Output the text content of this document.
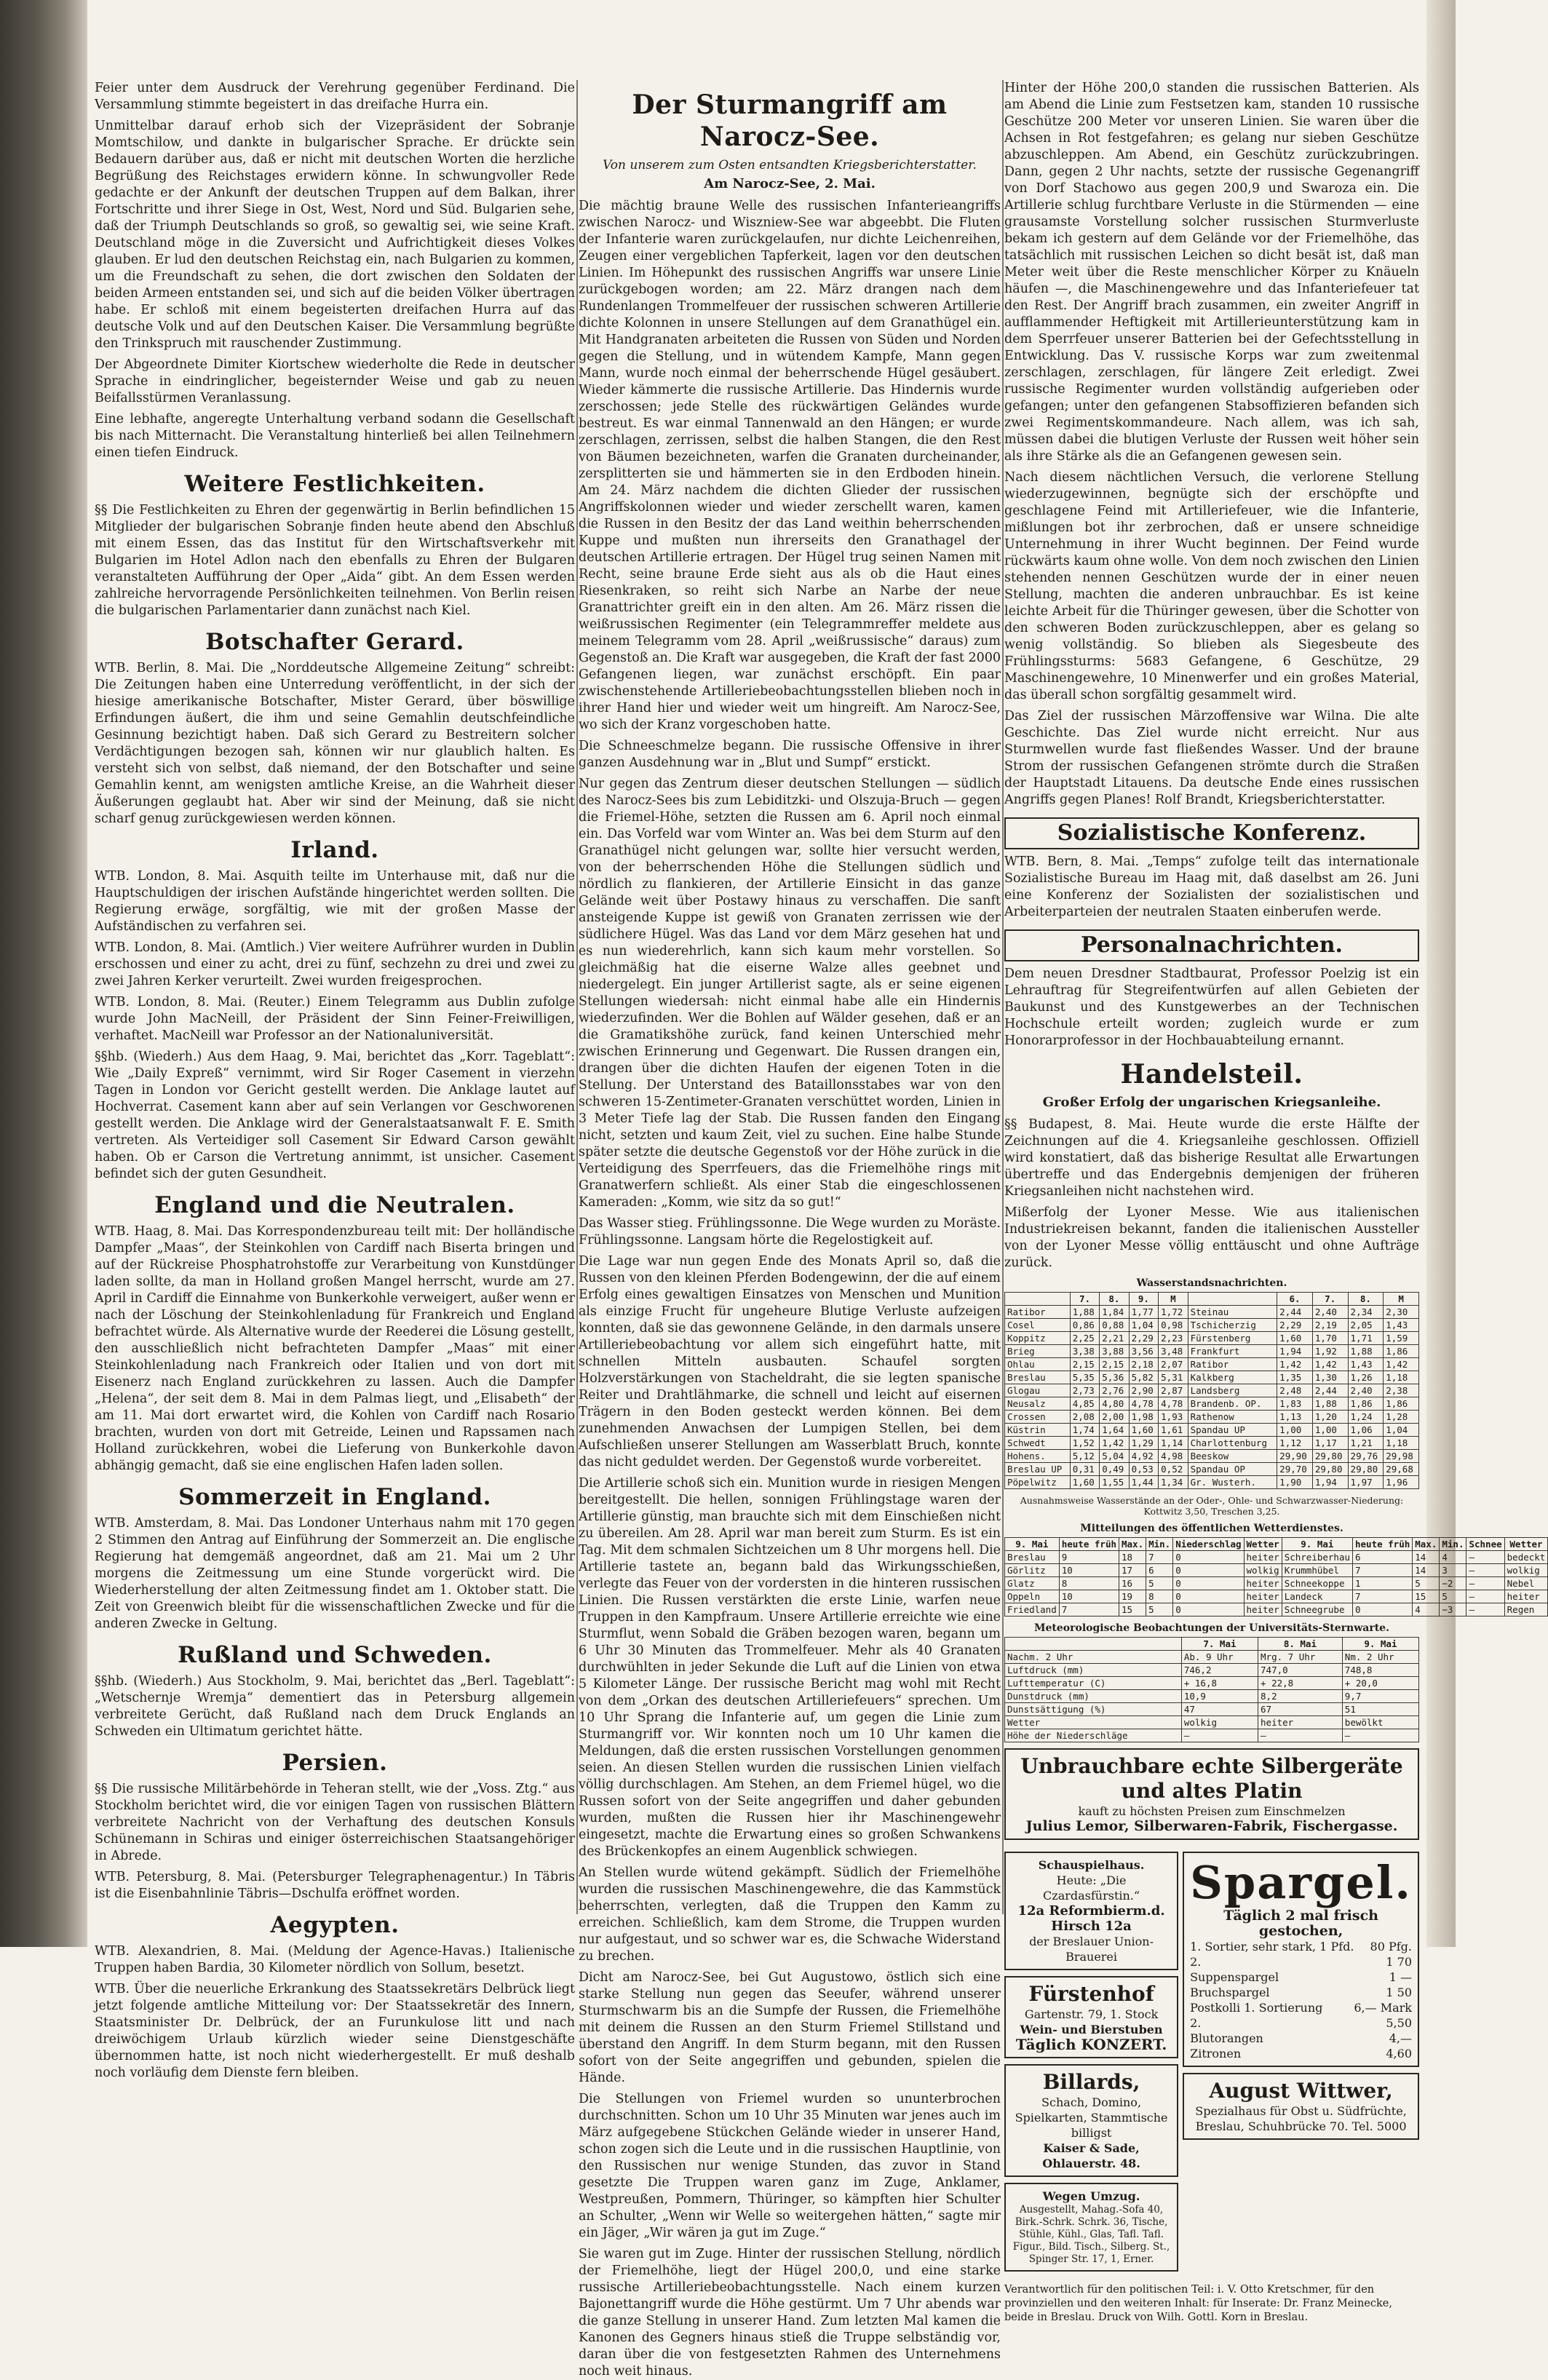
Feier unter dem Ausdruck der Verehrung gegenüber Ferdinand. Die Versammlung stimmte begeistert in das dreifache Hurra ein.

Unmittelbar darauf erhob sich der Vizepräsident der Sobranje Momtschilow, und dankte in bulgarischer Sprache. Er drückte sein Bedauern darüber aus, daß er nicht mit deutschen Worten die herzliche Begrüßung des Reichstages erwidern könne. In schwungvoller Rede gedachte er der Ankunft der deutschen Truppen auf dem Balkan, ihrer Fortschritte und ihrer Siege in Ost, West, Nord und Süd. Bulgarien sehe, daß der Triumph Deutschlands so groß, so gewaltig sei, wie seine Kraft. Deutschland möge in die Zuversicht und Aufrichtigkeit dieses Volkes glauben. Er lud den deutschen Reichstag ein, nach Bulgarien zu kommen, um die Freundschaft zu sehen, die dort zwischen den Soldaten der beiden Armeen entstanden sei, und sich auf die beiden Völker übertragen habe. Er schloß mit einem begeisterten dreifachen Hurra auf das deutsche Volk und auf den Deutschen Kaiser. Die Versammlung begrüßte den Trinkspruch mit rauschender Zustimmung.

Der Abgeordnete Dimiter Kiortschew wiederholte die Rede in deutscher Sprache in eindringlicher, begeisternder Weise und gab zu neuen Beifallsstürmen Veranlassung.

Eine lebhafte, angeregte Unterhaltung verband sodann die Gesellschaft bis nach Mitternacht. Die Veranstaltung hinterließ bei allen Teilnehmern einen tiefen Eindruck.

Weitere Festlichkeiten.

§§ Die Festlichkeiten zu Ehren der gegenwärtig in Berlin befindlichen 15 Mitglieder der bulgarischen Sobranje finden heute abend den Abschluß mit einem Essen, das das Institut für den Wirtschaftsverkehr mit Bulgarien im Hotel Adlon nach den ebenfalls zu Ehren der Bulgaren veranstalteten Aufführung der Oper „Aida“ gibt. An dem Essen werden zahlreiche hervorragende Persönlichkeiten teilnehmen. Von Berlin reisen die bulgarischen Parlamentarier dann zunächst nach Kiel.

Botschafter Gerard.

WTB. Berlin, 8. Mai. Die „Norddeutsche Allgemeine Zeitung“ schreibt: Die Zeitungen haben eine Unterredung veröffentlicht, in der sich der hiesige amerikanische Botschafter, Mister Gerard, über böswillige Erfindungen äußert, die ihm und seine Gemahlin deutschfeindliche Gesinnung bezichtigt haben. Daß sich Gerard zu Bestreitern solcher Verdächtigungen bezogen sah, können wir nur glaublich halten. Es versteht sich von selbst, daß niemand, der den Botschafter und seine Gemahlin kennt, am wenigsten amtliche Kreise, an die Wahrheit dieser Äußerungen geglaubt hat. Aber wir sind der Meinung, daß sie nicht scharf genug zurückgewiesen werden können.

Irland.

WTB. London, 8. Mai. Asquith teilte im Unterhause mit, daß nur die Hauptschuldigen der irischen Aufstände hingerichtet werden sollten. Die Regierung erwäge, sorgfältig, wie mit der großen Masse der Aufständischen zu verfahren sei.

WTB. London, 8. Mai. (Amtlich.) Vier weitere Aufrührer wurden in Dublin erschossen und einer zu acht, drei zu fünf, sechzehn zu drei und zwei zu zwei Jahren Kerker verurteilt. Zwei wurden freigesprochen.

WTB. London, 8. Mai. (Reuter.) Einem Telegramm aus Dublin zufolge wurde John MacNeill, der Präsident der Sinn Feiner-Freiwilligen, verhaftet. MacNeill war Professor an der Nationaluniversität.

§§hb. (Wiederh.) Aus dem Haag, 9. Mai, berichtet das „Korr. Tageblatt“: Wie „Daily Expreß“ vernimmt, wird Sir Roger Casement in vierzehn Tagen in London vor Gericht gestellt werden. Die Anklage lautet auf Hochverrat. Casement kann aber auf sein Verlangen vor Geschworenen gestellt werden. Die Anklage wird der Generalstaatsanwalt F. E. Smith vertreten. Als Verteidiger soll Casement Sir Edward Carson gewählt haben. Ob er Carson die Vertretung annimmt, ist unsicher. Casement befindet sich der guten Gesundheit.

England und die Neutralen.

WTB. Haag, 8. Mai. Das Korrespondenzbureau teilt mit: Der holländische Dampfer „Maas“, der Steinkohlen von Cardiff nach Biserta bringen und auf der Rückreise Phosphatrohstoffe zur Verarbeitung von Kunstdünger laden sollte, da man in Holland großen Mangel herrscht, wurde am 27. April in Cardiff die Einnahme von Bunkerkohle verweigert, außer wenn er nach der Löschung der Steinkohlenladung für Frankreich und England befrachtet würde. Als Alternative wurde der Reederei die Lösung gestellt, den ausschließlich nicht befrachteten Dampfer „Maas“ mit einer Steinkohlenladung nach Frankreich oder Italien und von dort mit Eisenerz nach England zurückkehren zu lassen. Auch die Dampfer „Helena“, der seit dem 8. Mai in dem Palmas liegt, und „Elisabeth“ der am 11. Mai dort erwartet wird, die Kohlen von Cardiff nach Rosario brachten, wurden von dort mit Getreide, Leinen und Rapssamen nach Holland zurückkehren, wobei die Lieferung von Bunkerkohle davon abhängig gemacht, daß sie eine englischen Hafen laden sollen.

Sommerzeit in England.

WTB. Amsterdam, 8. Mai. Das Londoner Unterhaus nahm mit 170 gegen 2 Stimmen den Antrag auf Einführung der Sommerzeit an. Die englische Regierung hat demgemäß angeordnet, daß am 21. Mai um 2 Uhr morgens die Zeitmessung um eine Stunde vorgerückt wird. Die Wiederherstellung der alten Zeitmessung findet am 1. Oktober statt. Die Zeit von Greenwich bleibt für die wissenschaftlichen Zwecke und für die anderen Zwecke in Geltung.

Rußland und Schweden.

§§hb. (Wiederh.) Aus Stockholm, 9. Mai, berichtet das „Berl. Tageblatt“: „Wetschernje Wremja“ dementiert das in Petersburg allgemein verbreitete Gerücht, daß Rußland nach dem Druck Englands an Schweden ein Ultimatum gerichtet hätte.

Persien.

§§ Die russische Militärbehörde in Teheran stellt, wie der „Voss. Ztg.“ aus Stockholm berichtet wird, die vor einigen Tagen von russischen Blättern verbreitete Nachricht von der Verhaftung des deutschen Konsuls Schünemann in Schiras und einiger österreichischen Staatsangehöriger in Abrede.

WTB. Petersburg, 8. Mai. (Petersburger Telegraphenagentur.) In Täbris ist die Eisenbahnlinie Täbris—Dschulfa eröffnet worden.

Aegypten.

WTB. Alexandrien, 8. Mai. (Meldung der Agence-Havas.) Italienische Truppen haben Bardia, 30 Kilometer nördlich von Sollum, besetzt.

WTB. Über die neuerliche Erkrankung des Staatssekretärs Delbrück liegt jetzt folgende amtliche Mitteilung vor: Der Staatssekretär des Innern, Staatsminister Dr. Delbrück, der an Furunkulose litt und nach dreiwöchigem Urlaub kürzlich wieder seine Dienstgeschäfte übernommen hatte, ist noch nicht wiederhergestellt. Er muß deshalb noch vorläufig dem Dienste fern bleiben.

Der Sturmangriff am Narocz-See.
Von unserem zum Osten entsandten Kriegsberichterstatter.
Am Narocz-See, 2. Mai.

Die mächtig braune Welle des russischen Infanterieangriffs zwischen Narocz- und Wiszniew-See war abgeebbt. Die Fluten der Infanterie waren zurückgelaufen, nur dichte Leichenreihen, Zeugen einer vergeblichen Tapferkeit, lagen vor den deutschen Linien. Im Höhepunkt des russischen Angriffs war unsere Linie zurückgebogen worden; am 22. März drangen nach dem Rundenlangen Trommelfeuer der russischen schweren Artillerie dichte Kolonnen in unsere Stellungen auf dem Granathügel ein. Mit Handgranaten arbeiteten die Russen von Süden und Norden gegen die Stellung, und in wütendem Kampfe, Mann gegen Mann, wurde noch einmal der beherrschende Hügel gesäubert. Wieder kämmerte die russische Artillerie. Das Hindernis wurde zerschossen; jede Stelle des rückwärtigen Geländes wurde bestreut. Es war einmal Tannenwald an den Hängen; er wurde zerschlagen, zerrissen, selbst die halben Stangen, die den Rest von Bäumen bezeichneten, warfen die Granaten durcheinander, zersplitterten sie und hämmerten sie in den Erdboden hinein. Am 24. März nachdem die dichten Glieder der russischen Angriffskolonnen wieder und wieder zerschellt waren, kamen die Russen in den Besitz der das Land weithin beherrschenden Kuppe und mußten nun ihrerseits den Granathagel der deutschen Artillerie ertragen. Der Hügel trug seinen Namen mit Recht, seine braune Erde sieht aus als ob die Haut eines Riesenkraken, so reiht sich Narbe an Narbe der neue Granattrichter greift ein in den alten. Am 26. März rissen die weißrussischen Regimenter (ein Telegrammreffer meldete aus meinem Telegramm vom 28. April „weißrussische“ daraus) zum Gegenstoß an. Die Kraft war ausgegeben, die Kraft der fast 2000 Gefangenen liegen, war zunächst erschöpft. Ein paar zwischenstehende Artilleriebeobachtungsstellen blieben noch in ihrer Hand hier und wieder weit um hingreift. Am Narocz-See, wo sich der Kranz vorgeschoben hatte.

Die Schneeschmelze begann. Die russische Offensive in ihrer ganzen Ausdehnung war in „Blut und Sumpf“ erstickt.

Nur gegen das Zentrum dieser deutschen Stellungen — südlich des Narocz-Sees bis zum Lebiditzki- und Olszuja-Bruch — gegen die Friemel-Höhe, setzten die Russen am 6. April noch einmal ein. Das Vorfeld war vom Winter an. Was bei dem Sturm auf den Granathügel nicht gelungen war, sollte hier versucht werden, von der beherrschenden Höhe die Stellungen südlich und nördlich zu flankieren, der Artillerie Einsicht in das ganze Gelände weit über Postawy hinaus zu verschaffen. Die sanft ansteigende Kuppe ist gewiß von Granaten zerrissen wie der südlichere Hügel. Was das Land vor dem März gesehen hat und es nun wiederehrlich, kann sich kaum mehr vorstellen. So gleichmäßig hat die eiserne Walze alles geebnet und niedergelegt. Ein junger Artillerist sagte, als er seine eigenen Stellungen wiedersah: nicht einmal habe alle ein Hindernis wiederzufinden. Wer die Bohlen auf Wälder gesehen, daß er an die Gramatikshöhe zurück, fand keinen Unterschied mehr zwischen Erinnerung und Gegenwart. Die Russen drangen ein, drangen über die dichten Haufen der eigenen Toten in die Stellung. Der Unterstand des Bataillonsstabes war von den schweren 15-Zentimeter-Granaten verschüttet worden, Linien in 3 Meter Tiefe lag der Stab. Die Russen fanden den Eingang nicht, setzten und kaum Zeit, viel zu suchen. Eine halbe Stunde später setzte die deutsche Gegenstoß vor der Höhe zurück in die Verteidigung des Sperrfeuers, das die Friemelhöhe rings mit Granatwerfern schließt. Als einer Stab die eingeschlossenen Kameraden: „Komm, wie sitz da so gut!“

Das Wasser stieg. Frühlingssonne. Die Wege wurden zu Moräste. Frühlingssonne. Langsam hörte die Regelostigkeit auf.

Die Lage war nun gegen Ende des Monats April so, daß die Russen von den kleinen Pferden Bodengewinn, der die auf einem Erfolg eines gewaltigen Einsatzes von Menschen und Munition als einzige Frucht für ungeheure Blutige Verluste aufzeigen konnten, daß sie das gewonnene Gelände, in den darmals unsere Artilleriebeobachtung vor allem sich eingeführt hatte, mit schnellen Mitteln ausbauten. Schaufel sorgten Holzverstärkungen von Stacheldraht, die sie legten spanische Reiter und Drahtlähmarke, die schnell und leicht auf eisernen Trägern in den Boden gesteckt werden können. Bei dem zunehmenden Anwachsen der Lumpigen Stellen, bei dem Aufschließen unserer Stellungen am Wasserblatt Bruch, konnte das nicht geduldet werden. Der Gegenstoß wurde vorbereitet.

Die Artillerie schoß sich ein. Munition wurde in riesigen Mengen bereitgestellt. Die hellen, sonnigen Frühlingstage waren der Artillerie günstig, man brauchte sich mit dem Einschießen nicht zu übereilen. Am 28. April war man bereit zum Sturm. Es ist ein Tag. Mit dem schmalen Sichtzeichen um 8 Uhr morgens hell. Die Artillerie tastete an, begann bald das Wirkungsschießen, verlegte das Feuer von der vordersten in die hinteren russischen Linien. Die Russen verstärkten die erste Linie, warfen neue Truppen in den Kampfraum. Unsere Artillerie erreichte wie eine Sturmflut, wenn Sobald die Gräben bezogen waren, begann um 6 Uhr 30 Minuten das Trommelfeuer. Mehr als 40 Granaten durchwühlten in jeder Sekunde die Luft auf die Linien von etwa 5 Kilometer Länge. Der russische Bericht mag wohl mit Recht von dem „Orkan des deutschen Artilleriefeuers“ sprechen. Um 10 Uhr Sprang die Infanterie auf, um gegen die Linie zum Sturmangriff vor. Wir konnten noch um 10 Uhr kamen die Meldungen, daß die ersten russischen Vorstellungen genommen seien. An diesen Stellen wurden die russischen Linien vielfach völlig durchschlagen. Am Stehen, an dem Friemel hügel, wo die Russen sofort von der Seite angegriffen und daher gebunden wurden, mußten die Russen hier ihr Maschinengewehr eingesetzt, machte die Erwartung eines so großen Schwankens des Brückenkopfes an einem Augenblick schwiegen.

An Stellen wurde wütend gekämpft. Südlich der Friemelhöhe wurden die russischen Maschinengewehre, die das Kammstück beherrschten, verlegten, daß die Truppen den Kamm zu erreichen. Schließlich, kam dem Strome, die Truppen wurden nur aufgestaut, und so schwer war es, die Schwache Widerstand zu brechen.

Dicht am Narocz-See, bei Gut Augustowo, östlich sich eine starke Stellung nun gegen das Seeufer, während unserer Sturmschwarm bis an die Sumpfe der Russen, die Friemelhöhe mit deinem die Russen an den Sturm Friemel Stillstand und überstand den Angriff. In dem Sturm begann, mit den Russen sofort von der Seite angegriffen und gebunden, spielen die Hände.

Die Stellungen von Friemel wurden so ununterbrochen durchschnitten. Schon um 10 Uhr 35 Minuten war jenes auch im März aufgegebene Stückchen Gelände wieder in unserer Hand, schon zogen sich die Leute und in die russischen Hauptlinie, von den Russischen nur wenige Stunden, das zuvor in Stand gesetzte Die Truppen waren ganz im Zuge, Anklamer, Westpreußen, Pommern, Thüringer, so kämpften hier Schulter an Schulter, „Wenn wir Welle so weitergehen hätten,“ sagte mir ein Jäger, „Wir wären ja gut im Zuge.“

Sie waren gut im Zuge. Hinter der russischen Stellung, nördlich der Friemelhöhe, liegt der Hügel 200,0, und eine starke russische Artilleriebeobachtungsstelle. Nach einem kurzen Bajonettangriff wurde die Höhe gestürmt. Um 7 Uhr abends war die ganze Stellung in unserer Hand. Zum letzten Mal kamen die Kanonen des Gegners hinaus stieß die Truppe selbständig vor, daran über die von festgesetzten Rahmen des Unternehmens noch weit hinaus.

Hinter der Höhe 200,0 standen die russischen Batterien. Als am Abend die Linie zum Festsetzen kam, standen 10 russische Geschütze 200 Meter vor unseren Linien. Sie waren über die Achsen in Rot festgefahren; es gelang nur sieben Geschütze abzuschleppen. Am Abend, ein Geschütz zurückzubringen. Dann, gegen 2 Uhr nachts, setzte der russische Gegenangriff von Dorf Stachowo aus gegen 200,9 und Swaroza ein. Die Artillerie schlug furchtbare Verluste in die Stürmenden — eine grausamste Vorstellung solcher russischen Sturmverluste bekam ich gestern auf dem Gelände vor der Friemelhöhe, das tatsächlich mit russischen Leichen so dicht besät ist, daß man Meter weit über die Reste menschlicher Körper zu Knäueln häufen —, die Maschinengewehre und das Infanteriefeuer tat den Rest. Der Angriff brach zusammen, ein zweiter Angriff in aufflammender Heftigkeit mit Artillerieunterstützung kam in dem Sperrfeuer unserer Batterien bei der Gefechtsstellung in Entwicklung. Das V. russische Korps war zum zweitenmal zerschlagen, zerschlagen, für längere Zeit erledigt. Zwei russische Regimenter wurden vollständig aufgerieben oder gefangen; unter den gefangenen Stabsoffizieren befanden sich zwei Regimentskommandeure. Nach allem, was ich sah, müssen dabei die blutigen Verluste der Russen weit höher sein als ihre Stärke als die an Gefangenen gewesen sein.

Nach diesem nächtlichen Versuch, die verlorene Stellung wiederzugewinnen, begnügte sich der erschöpfte und geschlagene Feind mit Artilleriefeuer, wie die Infanterie, mißlungen bot ihr zerbrochen, daß er unsere schneidige Unternehmung in ihrer Wucht beginnen. Der Feind wurde rückwärts kaum ohne wolle. Von dem noch zwischen den Linien stehenden nennen Geschützen wurde der in einer neuen Stellung, machten die anderen unbrauchbar. Es ist keine leichte Arbeit für die Thüringer gewesen, über die Schotter von den schweren Boden zurückzuschleppen, aber es gelang so wenig vollständig. So blieben als Siegesbeute des Frühlingssturms: 5683 Gefangene, 6 Geschütze, 29 Maschinengewehre, 10 Minenwerfer und ein großes Material, das überall schon sorgfältig gesammelt wird.

Das Ziel der russischen Märzoffensive war Wilna. Die alte Geschichte. Das Ziel wurde nicht erreicht. Nur aus Sturmwellen wurde fast fließendes Wasser. Und der braune Strom der russischen Gefangenen strömte durch die Straßen der Hauptstadt Litauens. Da deutsche Ende eines russischen Angriffs gegen Planes! Rolf Brandt, Kriegsberichterstatter.

Sozialistische Konferenz.

WTB. Bern, 8. Mai. „Temps“ zufolge teilt das internationale Sozialistische Bureau im Haag mit, daß daselbst am 26. Juni eine Konferenz der Sozialisten der sozialistischen und Arbeiterparteien der neutralen Staaten einberufen werde.

Personalnachrichten.

Dem neuen Dresdner Stadtbaurat, Professor Poelzig ist ein Lehrauftrag für Stegreifentwürfen auf allen Gebieten der Baukunst und des Kunstgewerbes an der Technischen Hochschule erteilt worden; zugleich wurde er zum Honorarprofessor in der Hochbauabteilung ernannt.

Handelsteil.
Großer Erfolg der ungarischen Kriegsanleihe.

§§ Budapest, 8. Mai. Heute wurde die erste Hälfte der Zeichnungen auf die 4. Kriegsanleihe geschlossen. Offiziell wird konstatiert, daß das bisherige Resultat alle Erwartungen übertreffe und das Endergebnis demjenigen der früheren Kriegsanleihen nicht nachstehen wird.

Mißerfolg der Lyoner Messe. Wie aus italienischen Industriekreisen bekannt, fanden die italienischen Aussteller von der Lyoner Messe völlig enttäuscht und ohne Aufträge zurück.

Wasserstandsnachrichten.
	7.	8.	9.	M		6.	7.	8.	M
Ratibor	1,88	1,84	1,77	1,72	Steinau	2,44	2,40	2,34	2,30
Cosel	0,86	0,88	1,04	0,98	Tschicherzig	2,29	2,19	2,05	1,43
Koppitz	2,25	2,21	2,29	2,23	Fürstenberg	1,60	1,70	1,71	1,59
Brieg	3,38	3,88	3,56	3,48	Frankfurt	1,94	1,92	1,88	1,86
Ohlau	2,15	2,15	2,18	2,07	Ratibor	1,42	1,42	1,43	1,42
Breslau	5,35	5,36	5,82	5,31	Kalkberg	1,35	1,30	1,26	1,18
Glogau	2,73	2,76	2,90	2,87	Landsberg	2,48	2,44	2,40	2,38
Neusalz	4,85	4,80	4,78	4,78	Brandenb. OP.	1,83	1,88	1,86	1,86
Crossen	2,08	2,00	1,98	1,93	Rathenow	1,13	1,20	1,24	1,28
Küstrin	1,74	1,64	1,60	1,61	Spandau UP	1,00	1,00	1,06	1,04
Schwedt	1,52	1,42	1,29	1,14	Charlottenburg	1,12	1,17	1,21	1,18
Hohens.	5,12	5,04	4,92	4,98	Beeskow	29,90	29,80	29,76	29,98
Breslau UP	0,31	0,49	0,53	0,52	Spandau OP	29,70	29,80	29,80	29,68
Pöpelwitz	1,60	1,55	1,44	1,34	Gr. Wusterh.	1,90	1,94	1,97	1,96
Ausnahmsweise Wasserstände an der Oder-, Ohle- und Schwarzwasser-Niederung: Kottwitz 3,50, Treschen 3,25.
Mitteilungen des öffentlichen Wetterdienstes.
9. Mai	heute früh	Max.	Min.	Niederschlag	Wetter	9. Mai	heute früh	Max.	Min.	Schnee	Wetter
Breslau	9	18	7	0	heiter	Schreiberhau	6	14	4	—	bedeckt
Görlitz	10	17	6	0	wolkig	Krummhübel	7	14	3	—	wolkig
Glatz	8	16	5	0	heiter	Schneekoppe	1	5	−2	—	Nebel
Oppeln	10	19	8	0	heiter	Landeck	7	15	5	—	heiter
Friedland	7	15	5	0	heiter	Schneegrube	0	4	−3	—	Regen
Meteorologische Beobachtungen der Universitäts-Sternwarte.
	7. Mai	8. Mai	9. Mai
Nachm. 2 Uhr	Ab. 9 Uhr	Mrg. 7 Uhr	Nm. 2 Uhr
Luftdruck (mm)	746,2	747,0	748,8
Lufttemperatur (C)	+ 16,8	+ 22,8	+ 20,0
Dunstdruck (mm)	10,9	8,2	9,7
Dunstsättigung (%)	47	67	51
Wetter	wolkig	heiter	bewölkt
Höhe der Niederschläge	—	—	—
Unbrauchbare echte Silbergeräte und altes Platin
kauft zu höchsten Preisen zum Einschmelzen
Julius Lemor, Silberwaren-Fabrik, Fischergasse.
Schauspielhaus.
Heute: „Die Czardasfürstin.“
12a Reformbierm.d. Hirsch 12a
der Breslauer Union-Brauerei
Fürstenhof
Gartenstr. 79, 1. Stock
Wein- und Bierstuben
Täglich KONZERT.
Billards,
Schach, Domino, Spielkarten, Stammtische billigst
Kaiser & Sade, Ohlauerstr. 48.
Wegen Umzug.
Ausgestellt, Mahag.-Sofa 40, Birk.-Schrk. Schrk. 36, Tische, Stühle, Kühl., Glas, Tafl. Tafl. Figur., Bild. Tisch., Silberg. St., Spinger Str. 17, 1, Erner.
Spargel.
Täglich 2 mal frisch gestochen,
1. Sortier, sehr stark, 1 Pfd. 80 Pfg.
2.	1 70
Suppenspargel	1 —
Bruchspargel	1 50
Postkolli 1. Sortierung	6,— Mark
2.	5,50
Blutorangen	4,—
Zitronen	4,60
August Wittwer,
Spezialhaus für Obst u. Südfrüchte,
Breslau, Schuhbrücke 70. Tel. 5000
Verantwortlich für den politischen Teil: i. V. Otto Kretschmer, für den provinziellen und den weiteren Inhalt: für Inserate: Dr. Franz Meinecke, beide in Breslau. Druck von Wilh. Gottl. Korn in Breslau.
